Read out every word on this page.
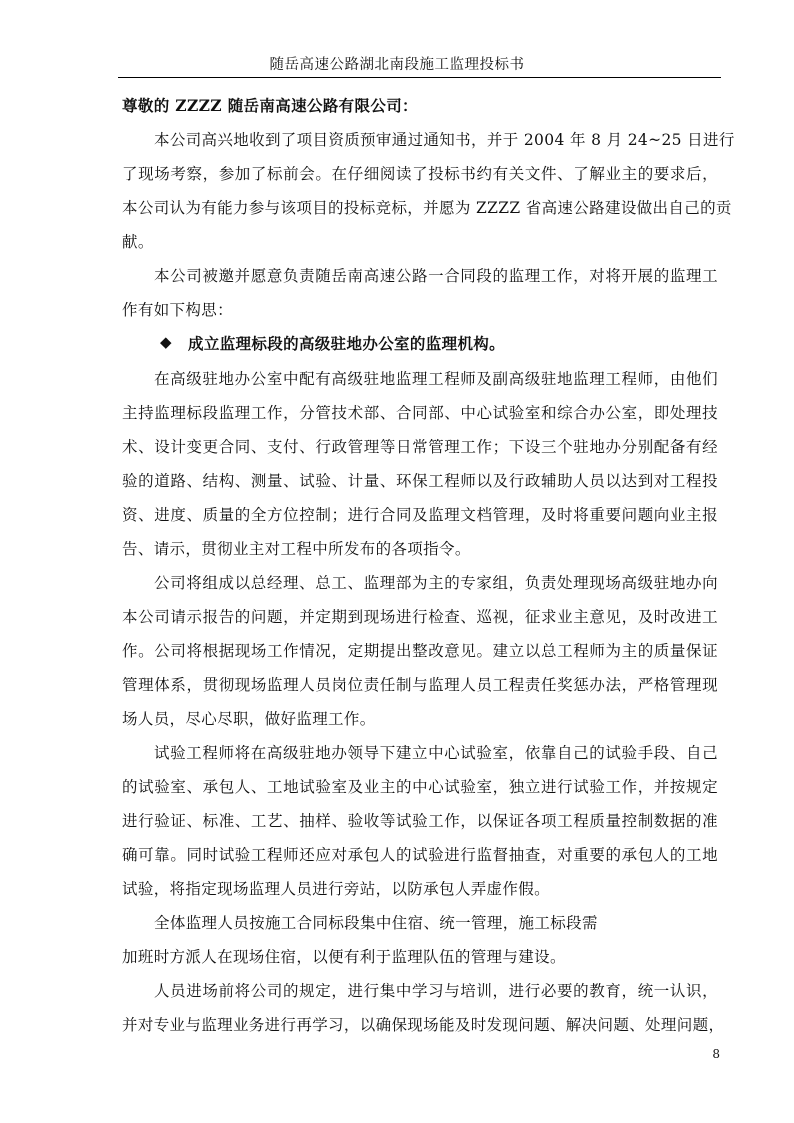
随岳高速公路湖北南段施工监理投标书
尊敬的 ZZZZ 随岳南高速公路有限公司：
本公司高兴地收到了项目资质预审通过通知书，并于 2004 年 8 月 24~25 日进行
了现场考察，参加了标前会。在仔细阅读了投标书约有关文件、了解业主的要求后，
本公司认为有能力参与该项目的投标竞标，并愿为 ZZZZ 省高速公路建设做出自己的贡
献。
本公司被邀并愿意负责随岳南高速公路一合同段的监理工作，对将开展的监理工
作有如下构思：
◆ 成立监理标段的高级驻地办公室的监理机构。
在高级驻地办公室中配有高级驻地监理工程师及副高级驻地监理工程师，由他们
主持监理标段监理工作，分管技术部、合同部、中心试验室和综合办公室，即处理技
术、设计变更合同、支付、行政管理等日常管理工作；下设三个驻地办分别配备有经
验的道路、结构、测量、试验、计量、环保工程师以及行政辅助人员以达到对工程投
资、进度、质量的全方位控制；进行合同及监理文档管理，及时将重要问题向业主报
告、请示，贯彻业主对工程中所发布的各项指令。
公司将组成以总经理、总工、监理部为主的专家组，负责处理现场高级驻地办向
本公司请示报告的问题，并定期到现场进行检查、巡视，征求业主意见，及时改进工
作。公司将根据现场工作情况，定期提出整改意见。建立以总工程师为主的质量保证
管理体系，贯彻现场监理人员岗位责任制与监理人员工程责任奖惩办法，严格管理现
场人员，尽心尽职，做好监理工作。
试验工程师将在高级驻地办领导下建立中心试验室，依靠自己的试验手段、自己
的试验室、承包人、工地试验室及业主的中心试验室，独立进行试验工作，并按规定
进行验证、标准、工艺、抽样、验收等试验工作，以保证各项工程质量控制数据的准
确可靠。同时试验工程师还应对承包人的试验进行监督抽查，对重要的承包人的工地
试验，将指定现场监理人员进行旁站，以防承包人弄虚作假。
全体监理人员按施工合同标段集中住宿、统一管理，施工标段需
加班时方派人在现场住宿，以便有利于监理队伍的管理与建设。
人员进场前将公司的规定，进行集中学习与培训，进行必要的教育，统一认识，
并对专业与监理业务进行再学习，以确保现场能及时发现问题、解决问题、处理问题，
8
